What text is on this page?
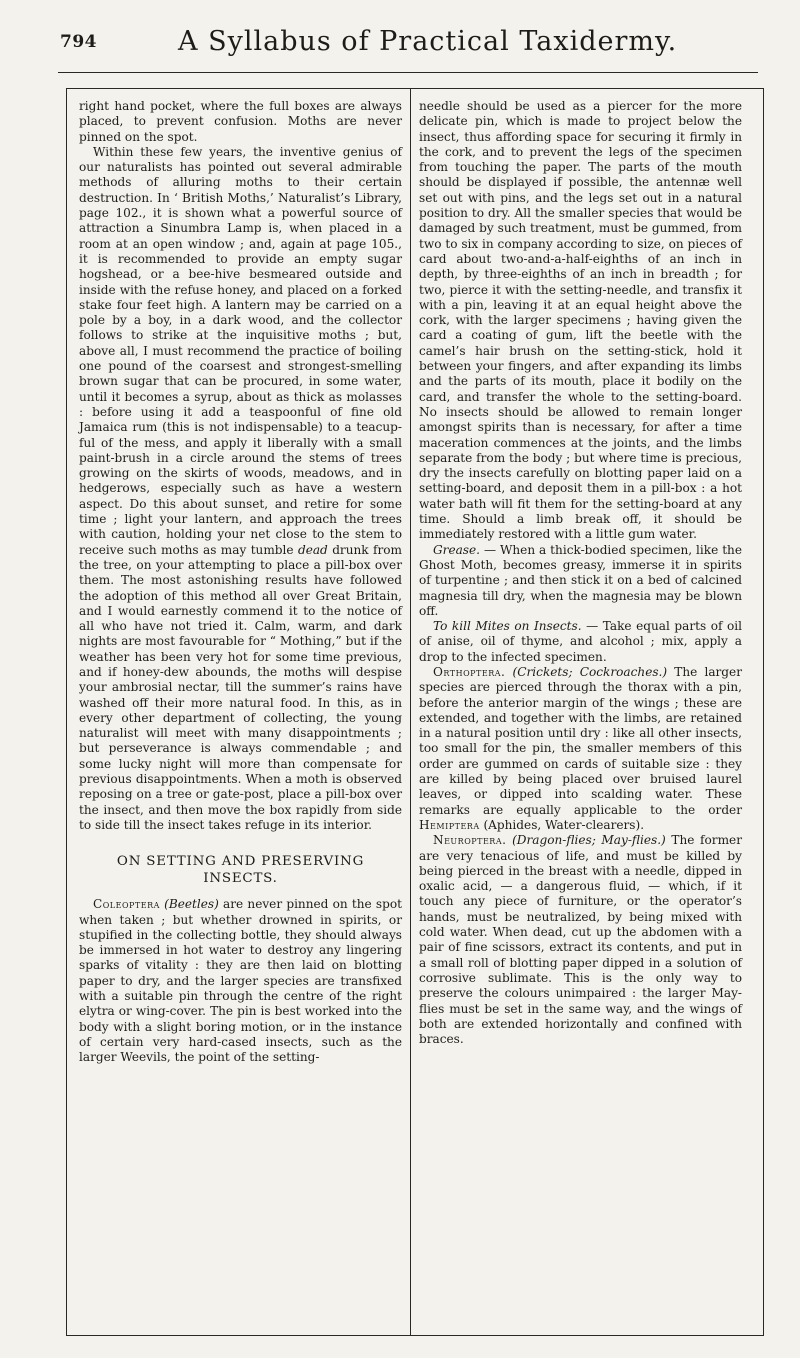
794	A Syllabus of Practical Taxidermy.

right hand pocket, where the full boxes are always placed, to prevent confusion. Moths are never pinned on the spot.

Within these few years, the inventive genius of our naturalists has pointed out several admirable methods of alluring moths to their certain destruction. In ‘ British Moths,’ Naturalist’s Library, page 102., it is shown what a powerful source of attraction a Sinumbra Lamp is, when placed in a room at an open window ; and, again at page 105., it is recommended to provide an empty sugar hogshead, or a bee-hive besmeared outside and inside with the refuse honey, and placed on a forked stake four feet high. A lantern may be carried on a pole by a boy, in a dark wood, and the collector follows to strike at the inquisitive moths ; but, above all, I must recommend the practice of boiling one pound of the coarsest and strongest-smelling brown sugar that can be procured, in some water, until it becomes a syrup, about as thick as molasses : before using it add a teaspoonful of fine old Jamaica rum (this is not indispensable) to a teacup-ful of the mess, and apply it liberally with a small paint-brush in a circle around the stems of trees growing on the skirts of woods, meadows, and in hedgerows, especially such as have a western aspect. Do this about sunset, and retire for some time ; light your lantern, and approach the trees with caution, holding your net close to the stem to receive such moths as may tumble dead drunk from the tree, on your attempting to place a pill-box over them. The most astonishing results have followed the adoption of this method all over Great Britain, and I would earnestly commend it to the notice of all who have not tried it. Calm, warm, and dark nights are most favourable for “ Mothing,” but if the weather has been very hot for some time previous, and if honey-dew abounds, the moths will despise your ambrosial nectar, till the summer’s rains have washed off their more natural food. In this, as in every other department of collecting, the young naturalist will meet with many disappointments ; but perseverance is always commendable ; and some lucky night will more than compensate for previous disappointments. When a moth is observed reposing on a tree or gate-post, place a pill-box over the insect, and then move the box rapidly from side to side till the insect takes refuge in its interior.

ON SETTING AND PRESERVING
INSECTS.

Coleoptera (Beetles) are never pinned on the spot when taken ; but whether drowned in spirits, or stupified in the collecting bottle, they should always be immersed in hot water to destroy any lingering sparks of vitality : they are then laid on blotting paper to dry, and the larger species are transfixed with a suitable pin through the centre of the right elytra or wing-cover. The pin is best worked into the body with a slight boring motion, or in the instance of certain very hard-cased insects, such as the larger Weevils, the point of the setting-

needle should be used as a piercer for the more delicate pin, which is made to project below the insect, thus affording space for securing it firmly in the cork, and to prevent the legs of the specimen from touching the paper. The parts of the mouth should be displayed if possible, the antennæ well set out with pins, and the legs set out in a natural position to dry. All the smaller species that would be damaged by such treatment, must be gummed, from two to six in company according to size, on pieces of card about two-and-a-half-eighths of an inch in depth, by three-eighths of an inch in breadth ; for two, pierce it with the setting-needle, and transfix it with a pin, leaving it at an equal height above the cork, with the larger specimens ; having given the card a coating of gum, lift the beetle with the camel’s hair brush on the setting-stick, hold it between your fingers, and after expanding its limbs and the parts of its mouth, place it bodily on the card, and transfer the whole to the setting-board. No insects should be allowed to remain longer amongst spirits than is necessary, for after a time maceration commences at the joints, and the limbs separate from the body ; but where time is precious, dry the insects carefully on blotting paper laid on a setting-board, and deposit them in a pill-box : a hot water bath will fit them for the setting-board at any time. Should a limb break off, it should be immediately restored with a little gum water.

Grease. — When a thick-bodied specimen, like the Ghost Moth, becomes greasy, immerse it in spirits of turpentine ; and then stick it on a bed of calcined magnesia till dry, when the magnesia may be blown off.

To kill Mites on Insects. — Take equal parts of oil of anise, oil of thyme, and alcohol ; mix, apply a drop to the infected specimen.

Orthoptera. (Crickets; Cockroaches.) The larger species are pierced through the thorax with a pin, before the anterior margin of the wings ; these are extended, and together with the limbs, are retained in a natural position until dry : like all other insects, too small for the pin, the smaller members of this order are gummed on cards of suitable size : they are killed by being placed over bruised laurel leaves, or dipped into scalding water. These remarks are equally applicable to the order Hemiptera (Aphides, Water-clearers).

Neuroptera. (Dragon-flies; May-flies.) The former are very tenacious of life, and must be killed by being pierced in the breast with a needle, dipped in oxalic acid, — a dangerous fluid, — which, if it touch any piece of furniture, or the operator’s hands, must be neutralized, by being mixed with cold water. When dead, cut up the abdomen with a pair of fine scissors, extract its contents, and put in a small roll of blotting paper dipped in a solution of corrosive sublimate. This is the only way to preserve the colours unimpaired : the larger May-flies must be set in the same way, and the wings of both are extended horizontally and confined with braces.
